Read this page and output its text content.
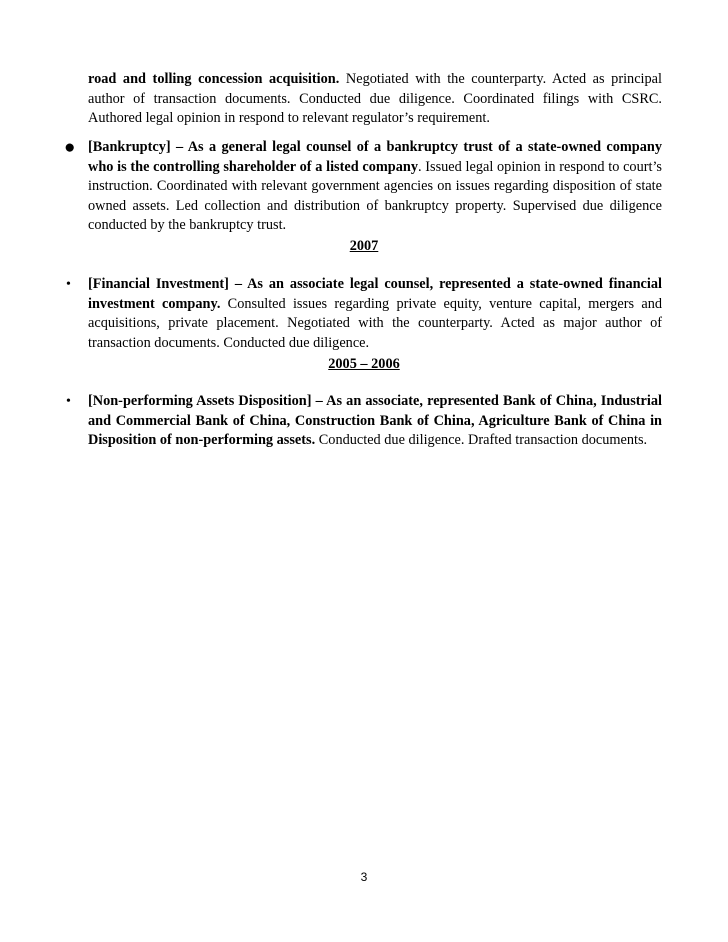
road and tolling concession acquisition. Negotiated with the counterparty. Acted as principal author of transaction documents. Conducted due diligence. Coordinated filings with CSRC. Authored legal opinion in respond to relevant regulator’s requirement.
● [Bankruptcy] – As a general legal counsel of a bankruptcy trust of a state-owned company who is the controlling shareholder of a listed company. Issued legal opinion in respond to court’s instruction. Coordinated with relevant government agencies on issues regarding disposition of state owned assets. Led collection and distribution of bankruptcy property. Supervised due diligence conducted by the bankruptcy trust.
2007
• [Financial Investment] – As an associate legal counsel, represented a state-owned financial investment company. Consulted issues regarding private equity, venture capital, mergers and acquisitions, private placement. Negotiated with the counterparty. Acted as major author of transaction documents. Conducted due diligence.
2005 – 2006
• [Non-performing Assets Disposition] – As an associate, represented Bank of China, Industrial and Commercial Bank of China, Construction Bank of China, Agriculture Bank of China in Disposition of non-performing assets. Conducted due diligence. Drafted transaction documents.
3
